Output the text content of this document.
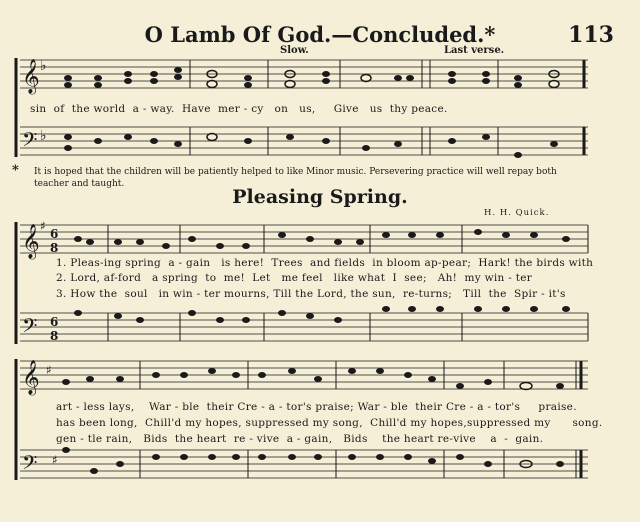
O Lamb Of God.—Concluded.*	113
Slow.	Last verse.
𝄞
𝄢
𝄞
𝄢
𝄞
𝄢
6
8
6
8
♭
♭
♯
♯
♯
sin  of  the world  a - way.  Have  mer - cy   on   us,     Give   us  thy peace.
* It is hoped that the children will be patiently helped to like Minor music. Persevering practice will well repay both teacher and taught.
Pleasing Spring.
H. H. Quick.
1. Pleas-ing spring  a - gain   is here!  Trees  and fields  in bloom ap-pear;  Hark! the birds with
2. Lord, af-ford   a spring  to  me!  Let   me feel   like what  I  see;   Ah!  my win - ter
3. How the  soul   in win - ter mourns, Till the Lord, the sun,  re-turns;   Till  the  Spir - it's
art - less lays,    War - ble  their Cre - a - tor's praise; War - ble  their Cre - a - tor's     praise.
has been long,  Chill'd my hopes, suppressed my song,  Chill'd my hopes,suppressed my      song.
gen - tle rain,   Bids  the heart  re - vive  a - gain,   Bids    the heart re-vive    a  -  gain.
